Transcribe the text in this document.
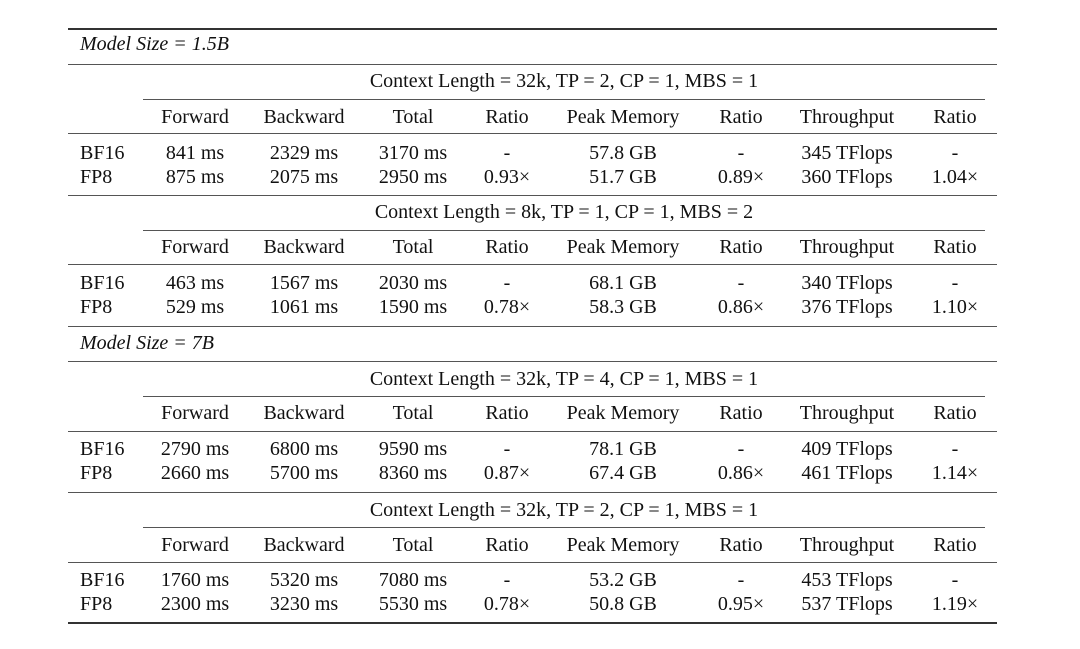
Model Size = 1.5B
Context Length = 32k, TP = 2, CP = 1, MBS = 1
Forward Backward Total	Ratio Peak Memory Ratio Throughput Ratio
BF16 841 ms 2329 ms 3170 ms	-	57.8 GB	-	345 TFlops	-
FP8	875 ms 2075 ms 2950 ms 0.93×	51.7 GB	0.89× 360 TFlops 1.04×
Context Length = 8k, TP = 1, CP = 1, MBS = 2
Forward Backward Total	Ratio Peak Memory Ratio Throughput Ratio
BF16 463 ms 1567 ms 2030 ms	-	68.1 GB	-	340 TFlops	-
FP8	529 ms 1061 ms 1590 ms 0.78×	58.3 GB	0.86× 376 TFlops 1.10×
Model Size = 7B
Context Length = 32k, TP = 4, CP = 1, MBS = 1
Forward Backward Total	Ratio Peak Memory Ratio Throughput Ratio
BF16 2790 ms 6800 ms 9590 ms	-	78.1 GB	-	409 TFlops	-
FP8 2660 ms 5700 ms 8360 ms 0.87×	67.4 GB	0.86× 461 TFlops 1.14×
Context Length = 32k, TP = 2, CP = 1, MBS = 1
Forward Backward Total	Ratio Peak Memory Ratio Throughput Ratio
BF16 1760 ms 5320 ms 7080 ms	-	53.2 GB	-	453 TFlops	-
FP8 2300 ms 3230 ms 5530 ms 0.78×	50.8 GB	0.95× 537 TFlops 1.19×
